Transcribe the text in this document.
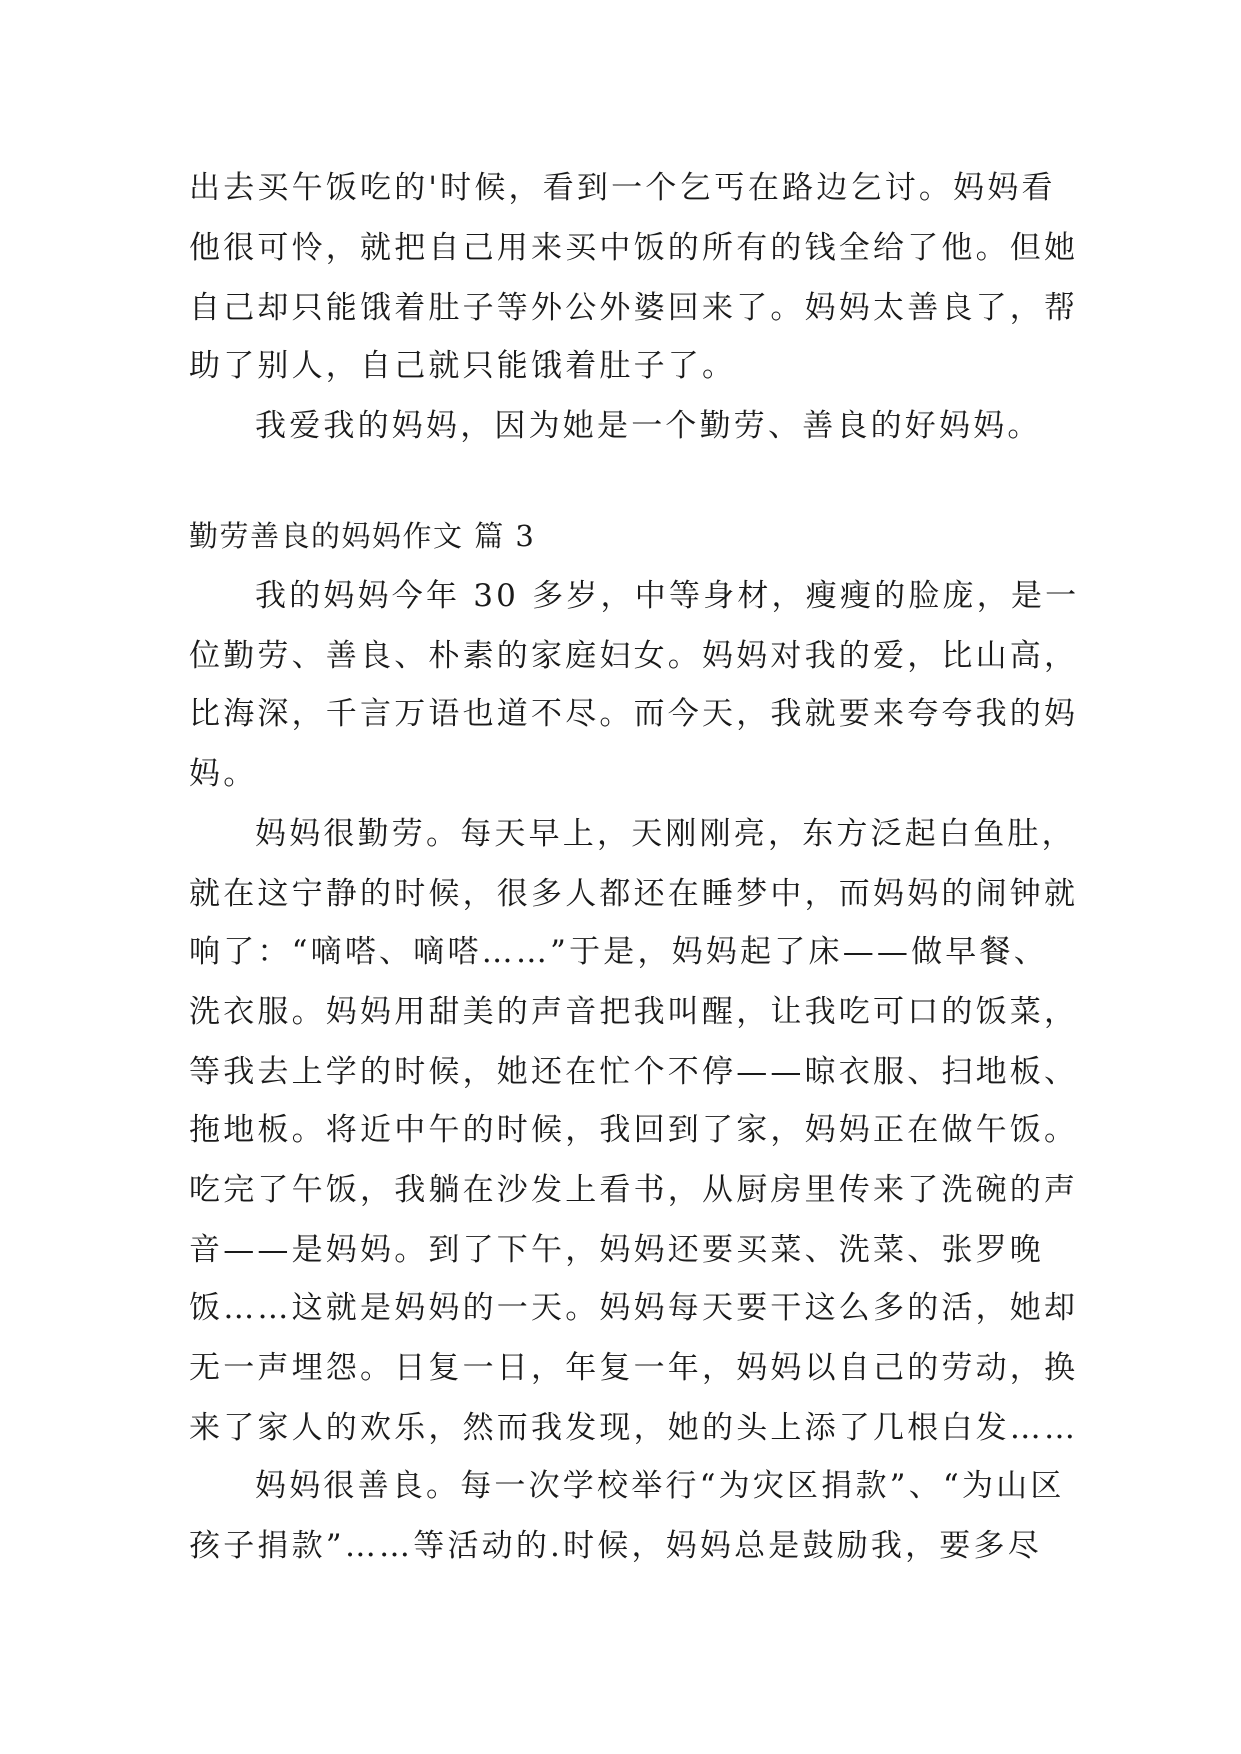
出去买午饭吃的'时候，看到一个乞丐在路边乞讨。妈妈看
他很可怜，就把自己用来买中饭的所有的钱全给了他。但她
自己却只能饿着肚子等外公外婆回来了。妈妈太善良了，帮
助了别人，自己就只能饿着肚子了。
我爱我的妈妈，因为她是一个勤劳、善良的好妈妈。
勤劳善良的妈妈作文 篇 3
我的妈妈今年 30 多岁，中等身材，瘦瘦的脸庞，是一
位勤劳、善良、朴素的家庭妇女。妈妈对我的爱，比山高，
比海深，千言万语也道不尽。而今天，我就要来夸夸我的妈
妈。
妈妈很勤劳。每天早上，天刚刚亮，东方泛起白鱼肚，
就在这宁静的时候，很多人都还在睡梦中，而妈妈的闹钟就
响了：“嘀嗒、嘀嗒……”于是，妈妈起了床——做早餐、
洗衣服。妈妈用甜美的声音把我叫醒，让我吃可口的饭菜，
等我去上学的时候，她还在忙个不停——晾衣服、扫地板、
拖地板。将近中午的时候，我回到了家，妈妈正在做午饭。
吃完了午饭，我躺在沙发上看书，从厨房里传来了洗碗的声
音——是妈妈。到了下午，妈妈还要买菜、洗菜、张罗晚
饭……这就是妈妈的一天。妈妈每天要干这么多的活，她却
无一声埋怨。日复一日，年复一年，妈妈以自己的劳动，换
来了家人的欢乐，然而我发现，她的头上添了几根白发……
妈妈很善良。每一次学校举行“为灾区捐款”、“为山区
孩子捐款”……等活动的.时候，妈妈总是鼓励我，要多尽
